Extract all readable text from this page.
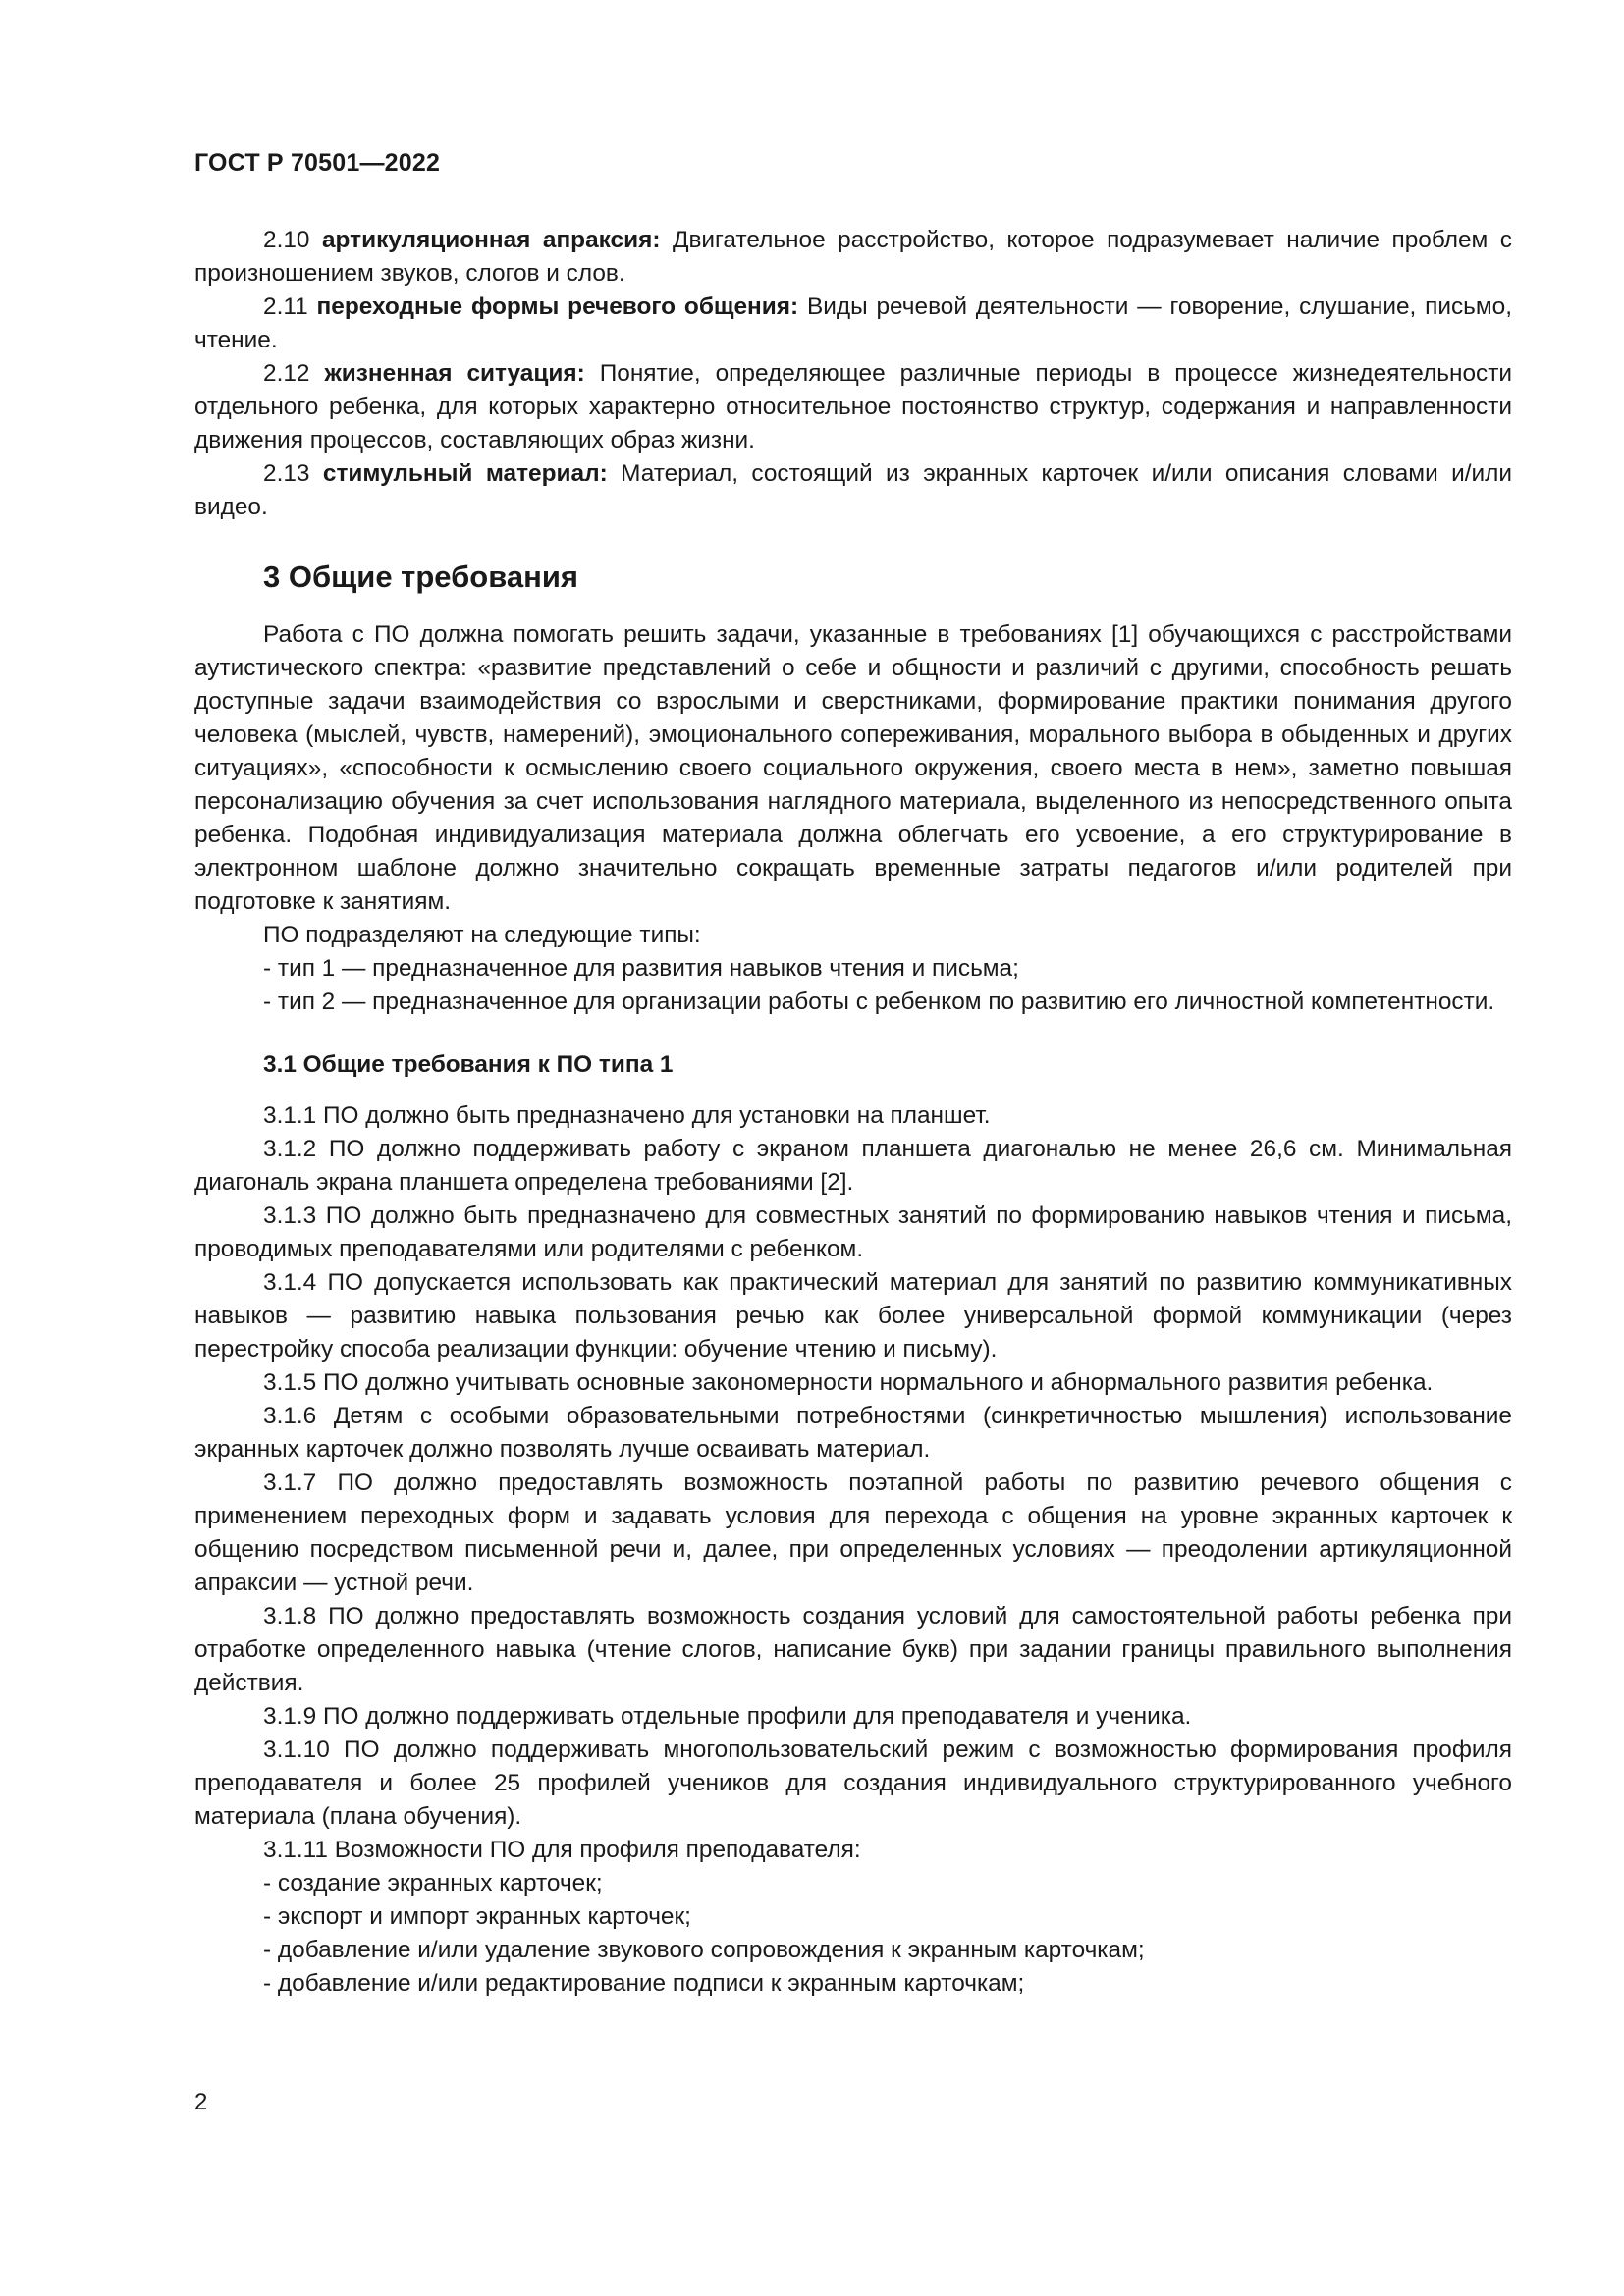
ГОСТ Р 70501—2022

2.10 артикуляционная апраксия: Двигательное расстройство, которое подразумевает наличие проблем с произношением звуков, слогов и слов.

2.11 переходные формы речевого общения: Виды речевой деятельности — говорение, слушание, письмо, чтение.

2.12 жизненная ситуация: Понятие, определяющее различные периоды в процессе жизнедеятельности отдельного ребенка, для которых характерно относительное постоянство структур, содержания и направленности движения процессов, составляющих образ жизни.

2.13 стимульный материал: Материал, состоящий из экранных карточек и/или описания словами и/или видео.

3 Общие требования

Работа с ПО должна помогать решить задачи, указанные в требованиях [1] обучающихся с расстройствами аутистического спектра: «развитие представлений о себе и общности и различий с другими, способность решать доступные задачи взаимодействия со взрослыми и сверстниками, формирование практики понимания другого человека (мыслей, чувств, намерений), эмоционального сопереживания, морального выбора в обыденных и других ситуациях», «способности к осмыслению своего социального окружения, своего места в нем», заметно повышая персонализацию обучения за счет использования наглядного материала, выделенного из непосредственного опыта ребенка. Подобная индивидуализация материала должна облегчать его усвоение, а его структурирование в электронном шаблоне должно значительно сокращать временные затраты педагогов и/или родителей при подготовке к занятиям.

ПО подразделяют на следующие типы:

- тип 1 — предназначенное для развития навыков чтения и письма;

- тип 2 — предназначенное для организации работы с ребенком по развитию его личностной компетентности.

3.1 Общие требования к ПО типа 1

3.1.1 ПО должно быть предназначено для установки на планшет.

3.1.2 ПО должно поддерживать работу с экраном планшета диагональю не менее 26,6 см. Минимальная диагональ экрана планшета определена требованиями [2].

3.1.3 ПО должно быть предназначено для совместных занятий по формированию навыков чтения и письма, проводимых преподавателями или родителями с ребенком.

3.1.4 ПО допускается использовать как практический материал для занятий по развитию коммуникативных навыков — развитию навыка пользования речью как более универсальной формой коммуникации (через перестройку способа реализации функции: обучение чтению и письму).

3.1.5 ПО должно учитывать основные закономерности нормального и абнормального развития ребенка.

3.1.6 Детям с особыми образовательными потребностями (синкретичностью мышления) использование экранных карточек должно позволять лучше осваивать материал.

3.1.7 ПО должно предоставлять возможность поэтапной работы по развитию речевого общения с применением переходных форм и задавать условия для перехода с общения на уровне экранных карточек к общению посредством письменной речи и, далее, при определенных условиях — преодолении артикуляционной апраксии — устной речи.

3.1.8 ПО должно предоставлять возможность создания условий для самостоятельной работы ребенка при отработке определенного навыка (чтение слогов, написание букв) при задании границы правильного выполнения действия.

3.1.9 ПО должно поддерживать отдельные профили для преподавателя и ученика.

3.1.10 ПО должно поддерживать многопользовательский режим с возможностью формирования профиля преподавателя и более 25 профилей учеников для создания индивидуального структурированного учебного материала (плана обучения).

3.1.11 Возможности ПО для профиля преподавателя:

- создание экранных карточек;

- экспорт и импорт экранных карточек;

- добавление и/или удаление звукового сопровождения к экранным карточкам;

- добавление и/или редактирование подписи к экранным карточкам;

2
